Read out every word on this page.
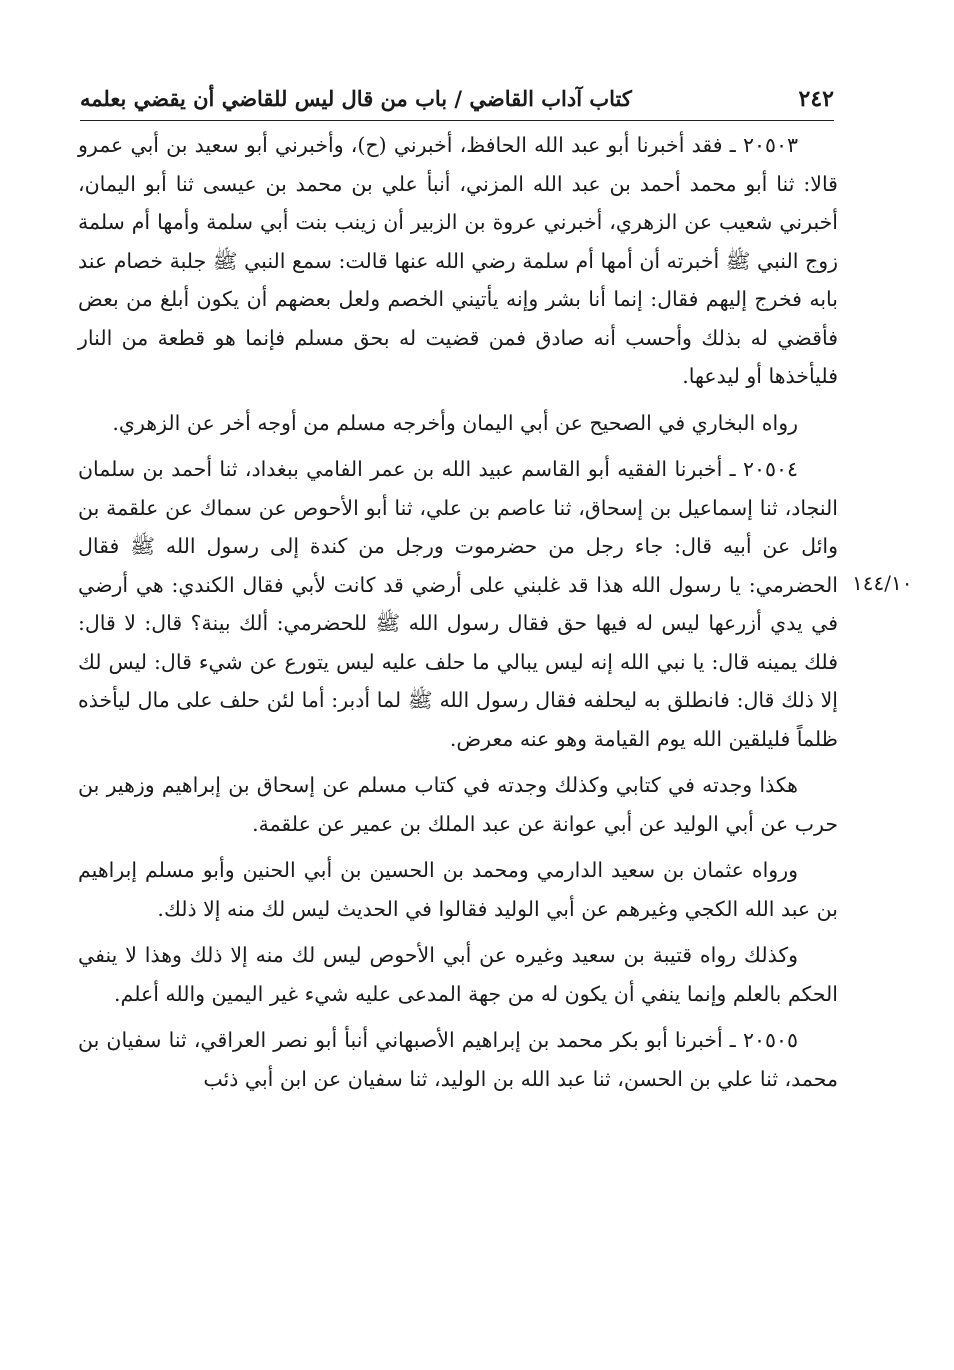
٢٤٢
كتاب آداب القاضي / باب من قال ليس للقاضي أن يقضي بعلمه
١٤٤/١٠

٢٠٥٠٣ ـ فقد أخبرنا أبو عبد الله الحافظ، أخبرني (ح)، وأخبرني أبو سعيد بن أبي عمرو قالا: ثنا أبو محمد أحمد بن عبد الله المزني، أنبأ علي بن محمد بن عيسى ثنا أبو اليمان، أخبرني شعيب عن الزهري، أخبرني عروة بن الزبير أن زينب بنت أبي سلمة وأمها أم سلمة زوج النبي ﷺ أخبرته أن أمها أم سلمة رضي الله عنها قالت: سمع النبي ﷺ جلبة خصام عند بابه فخرج إليهم فقال: إنما أنا بشر وإنه يأتيني الخصم ولعل بعضهم أن يكون أبلغ من بعض فأقضي له بذلك وأحسب أنه صادق فمن قضيت له بحق مسلم فإنما هو قطعة من النار فليأخذها أو ليدعها.

رواه البخاري في الصحيح عن أبي اليمان وأخرجه مسلم من أوجه أخر عن الزهري.

٢٠٥٠٤ ـ أخبرنا الفقيه أبو القاسم عبيد الله بن عمر الفامي ببغداد، ثنا أحمد بن سلمان النجاد، ثنا إسماعيل بن إسحاق، ثنا عاصم بن علي، ثنا أبو الأحوص عن سماك عن علقمة بن وائل عن أبيه قال: جاء رجل من حضرموت ورجل من كندة إلى رسول الله ﷺ فقال الحضرمي: يا رسول الله هذا قد غلبني على أرضي قد كانت لأبي فقال الكندي: هي أرضي في يدي أزرعها ليس له فيها حق فقال رسول الله ﷺ للحضرمي: ألك بينة؟ قال: لا قال: فلك يمينه قال: يا نبي الله إنه ليس يبالي ما حلف عليه ليس يتورع عن شيء قال: ليس لك إلا ذلك قال: فانطلق به ليحلفه فقال رسول الله ﷺ لما أدبر: أما لئن حلف على مال ليأخذه ظلماً فليلقين الله يوم القيامة وهو عنه معرض.

هكذا وجدته في كتابي وكذلك وجدته في كتاب مسلم عن إسحاق بن إبراهيم وزهير بن حرب عن أبي الوليد عن أبي عوانة عن عبد الملك بن عمير عن علقمة.

ورواه عثمان بن سعيد الدارمي ومحمد بن الحسين بن أبي الحنين وأبو مسلم إبراهيم بن عبد الله الكجي وغيرهم عن أبي الوليد فقالوا في الحديث ليس لك منه إلا ذلك.

وكذلك رواه قتيبة بن سعيد وغيره عن أبي الأحوص ليس لك منه إلا ذلك وهذا لا ينفي الحكم بالعلم وإنما ينفي أن يكون له من جهة المدعى عليه شيء غير اليمين والله أعلم.

٢٠٥٠٥ ـ أخبرنا أبو بكر محمد بن إبراهيم الأصبهاني أنبأ أبو نصر العراقي، ثنا سفيان بن محمد، ثنا علي بن الحسن، ثنا عبد الله بن الوليد، ثنا سفيان عن ابن أبي ذئب
